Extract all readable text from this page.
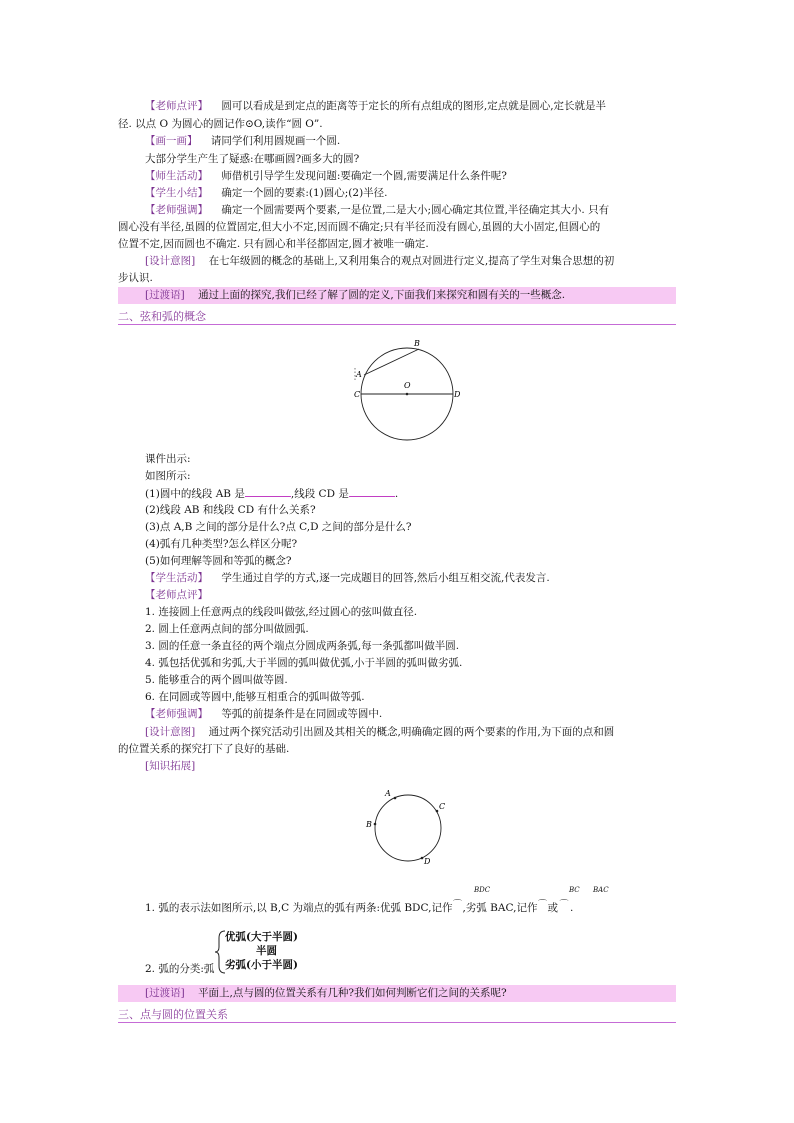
【老师点评】 圆可以看成是到定点的距离等于定长的所有点组成的图形,定点就是圆心,定长就是半
径. 以点 O 为圆心的圆记作⊙O,读作“圆 O”.
【画一画】 请同学们利用圆规画一个圆.
大部分学生产生了疑惑:在哪画圆?画多大的圆?
【师生活动】 师借机引导学生发现问题:要确定一个圆,需要满足什么条件呢?
【学生小结】 确定一个圆的要素:(1)圆心;(2)半径.
【老师强调】 确定一个圆需要两个要素,一是位置,二是大小;圆心确定其位置,半径确定其大小. 只有
圆心没有半径,虽圆的位置固定,但大小不定,因而圆不确定;只有半径而没有圆心,虽圆的大小固定,但圆心的
位置不定,因而圆也不确定. 只有圆心和半径都固定,圆才被唯一确定.
[设计意图] 在七年级圆的概念的基础上,又利用集合的观点对圆进行定义,提高了学生对集合思想的初
步认识.
[过渡语] 通过上面的探究,我们已经了解了圆的定义,下面我们来探究和圆有关的一些概念.
二、弦和弧的概念
B
A
O
C	D
课件出示:
如图所示:
(1)圆中的线段 AB 是	,线段 CD 是	.
(2)线段 AB 和线段 CD 有什么关系?
(3)点 A,B 之间的部分是什么?点 C,D 之间的部分是什么?
(4)弧有几种类型?怎么样区分呢?
(5)如何理解等圆和等弧的概念?
【学生活动】 学生通过自学的方式,逐一完成题目的回答,然后小组互相交流,代表发言.
【老师点评】
1. 连接圆上任意两点的线段叫做弦,经过圆心的弦叫做直径.
2. 圆上任意两点间的部分叫做圆弧.
3. 圆的任意一条直径的两个端点分圆成两条弧,每一条弧都叫做半圆.
4. 弧包括优弧和劣弧,大于半圆的弧叫做优弧,小于半圆的弧叫做劣弧.
5. 能够重合的两个圆叫做等圆.
6. 在同圆或等圆中,能够互相重合的弧叫做等弧.
【老师强调】 等弧的前提条件是在同圆或等圆中.
[设计意图] 通过两个探究活动引出圆及其相关的概念,明确确定圆的两个要素的作用,为下面的点和圆
的位置关系的探究打下了良好的基础.
[知识拓展]
A
C
B
D
BDC	BC BAC
1. 弧的表示法如图所示,以 B,C 为端点的弧有两条:优弧 BDC,记作⌒,劣弧 BAC,记作⌒或⌒ .
2. 弧的分类:弧
优弧(大于半圆)
半圆
劣弧(小于半圆)
[过渡语] 平面上,点与圆的位置关系有几种?我们如何判断它们之间的关系呢?
三、点与圆的位置关系
